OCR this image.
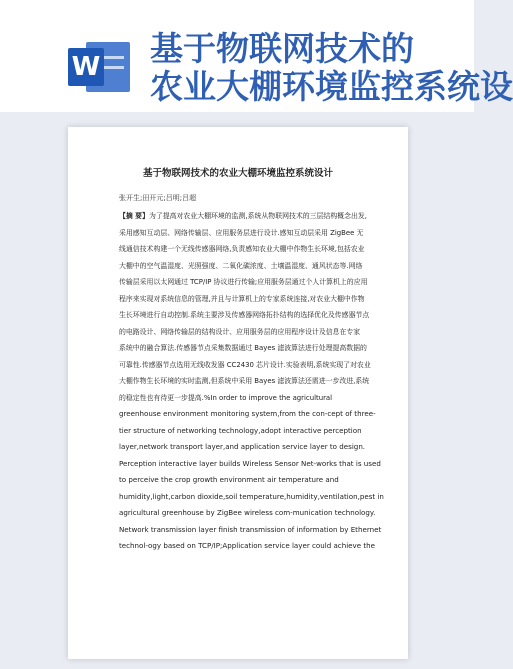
W 基于物联网技术的
农业大棚环境监控系统设
基于物联网技术的农业大棚环境监控系统设计
张开生;田开元;吕明;吕超
【摘 要】为了提高对农业大棚环境的监测,系统从物联网技术的三层结构概念出发,
采用感知互动层、网络传输层、应用服务层进行设计.感知互动层采用 ZigBee 无
线通信技术构建一个无线传感器网络,负责感知农业大棚中作物生长环境,包括农业
大棚中的空气温湿度、光照强度、二氧化碳浓度、土壤温湿度、通风状态等.网络
传输层采用以太网通过 TCP/IP 协议进行传输;应用服务层通过个人计算机上的应用
程序来实现对系统信息的管理,并且与计算机上的专家系统连接,对农业大棚中作物
生长环境进行自动控制.系统主要涉及传感器网络拓扑结构的选择优化及传感器节点
的电路设计、网络传输层的结构设计、应用服务层的应用程序设计及信息在专家
系统中的融合算法.传感器节点采集数据通过 Bayes 滤波算法进行处理提高数据的
可靠性.传感器节点选用无线收发器 CC2430 芯片设计.实验表明,系统实现了对农业
大棚作物生长环境的实时监测,但系统中采用 Bayes 滤波算法还需进一步改进,系统
的稳定性也有待更一步提高.%In order to improve the agricultural
greenhouse environment monitoring system,from the con-cept of three-
tier structure of networking technology,adopt interactive perception
layer,network transport layer,and application service layer to design.
Perception interactive layer builds Wireless Sensor Net-works that is used
to perceive the crop growth environment air temperature and
humidity,light,carbon dioxide,soil temperature,humidity,ventilation,pest in
agricultural greenhouse by ZigBee wireless com-munication technology.
Network transmission layer finish transmission of information by Ethernet
technol-ogy based on TCP/IP;Application service layer could achieve the
